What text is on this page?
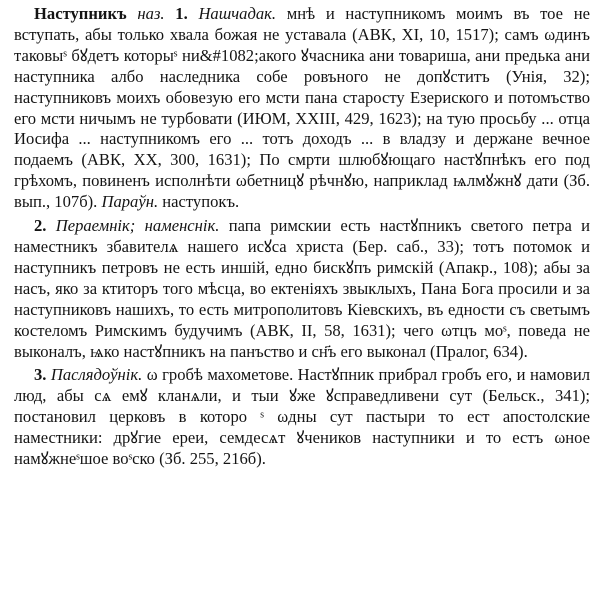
Наступникъ наз. 1. Нашчадак. мнѣ и наступникомъ моимъ въ тое не вступать, абы только хвала божая не уставала (АВК, XI, 10, 1517); самъ ωдинъ таковыˢ бꙋдетъ которыˢ ни&#1082;акого ꙋчасника ани товариша, ани предька ани наступника албо наследника собе ровъного не допꙋститъ (Унія, 32); наступниковъ моихъ обовезую его мсти пана старосту Езериского и потомъство его мсти ничымъ не турбовати (ИЮМ, XXIII, 429, 1623); на тую просьбу ... отца Иосифа ... наступникомъ его ... тотъ доходъ ... в владзу и держане вечное подаемъ (АВК, XX, 300, 1631); По смрти шлюбꙋющаго настꙋпнѣкъ его под грѣхомъ, повиненъ исполнѣти ωбетницꙋ рѣчнꙋю, наприклад ѩлмꙋжнꙋ дати (Зб. вып., 107б). Параўн. наступокъ.

2. Пераемнік; наменснік. папа римскии есть настꙋпникъ светого петра и наместникъ збавителѧ нашего исꙋса христа (Бер. саб., 33); тотъ потомок и наступникъ петровъ не есть иншій, едно бискꙋпъ римскій (Апакр., 108); абы за насъ, яко за ктиторъ того мѣсца, во ектеніяхъ звыклыхъ, Пана Бога просили и за наступниковъ нашихъ, то есть митрополитовъ Кіевскихъ, въ едности съ светымъ костеломъ Римскимъ будучимъ (АВК, II, 58, 1631); чего ωтцъ моˢ, поведа не выконалъ, ѩко настꙋпникъ на панъство и сн҃ъ его выконал (Пралог, 634).

3. Паслядоўнік. ω гробѣ махометове. Настꙋпник прибрал гробъ его, и намовил люд, абы сѧ емꙋ кланѧли, и тыи ꙋже ꙋсправедливени сут (Бельск., 341); постановил церковъ в которо ˢ ωдны сут пастыри то ест апостолские наместники: дрꙋгие ереи, семдесѧт ꙋчеников наступники и то естъ ωное намꙋжнеˢшое воˢско (Зб. 255, 216б).
